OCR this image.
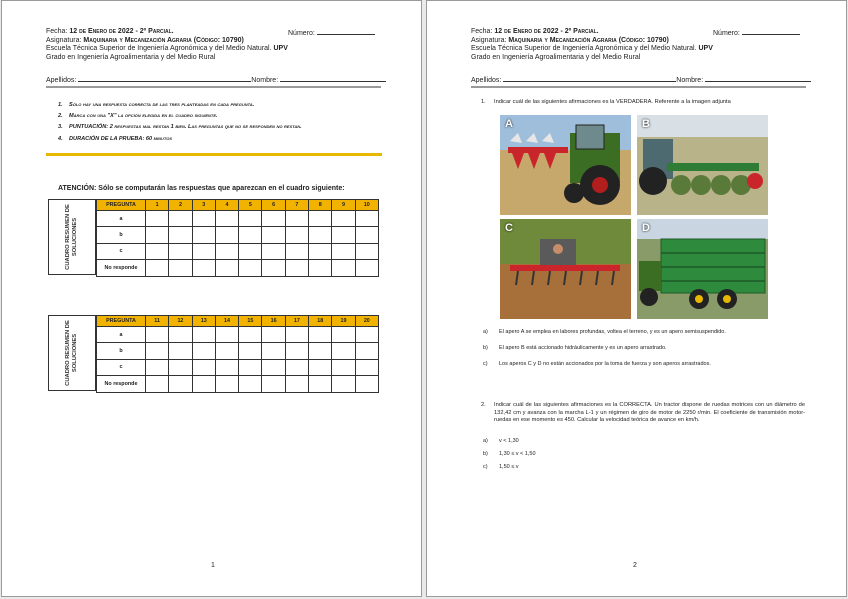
Fecha: 12 de Enero de 2022 - 2º Parcial.	Número:
Asignatura: Maquinaria y Mecanización Agraria (Código: 10790)
Escuela Técnica Superior de Ingeniería Agronómica y del Medio Natural. UPV
Grado en Ingeniería Agroalimentaria y del Medio Rural
Apellidos:	Nombre:
1. Sólo hay una respuesta correcta de las tres planteadas en cada pregunta.
2. Marca con una "X" la opción elegida en el cuadro siguiente.
3. PUNTUACIÓN: 2 respuestas mal restan 1 bien. Las preguntas que no se responden no restan.
4. DURACIÓN DE LA PRUEBA: 60 minutos
ATENCIÓN: Sólo se computarán las respuestas que aparezcan en el cuadro siguiente:
CUADRO RESUMEN DE SOLUCIONES
PREGUNTA	1	2	3	4	5	6	7	8	9	10
a										
b										
c										
No responde										
CUADRO RESUMEN DE SOLUCIONES
PREGUNTA	11	12	13	14	15	16	17	18	19	20
a										
b										
c										
No responde										
1
Fecha: 12 de Enero de 2022 - 2º Parcial.	Número:
Asignatura: Maquinaria y Mecanización Agraria (Código: 10790)
Escuela Técnica Superior de Ingeniería Agronómica y del Medio Natural. UPV
Grado en Ingeniería Agroalimentaria y del Medio Rural
Apellidos:	Nombre:
1.	Indicar cuál de las siguientes afirmaciones es la VERDADERA. Referente a la imagen adjunta
A	B
C	D
a) El apero A se emplea en labores profundas, voltea el terreno, y es un apero semisuspendido.
b) El apero B está accionado hidráulicamente y es un apero arrastrado.
c) Los aperos C y D no están accionados por la toma de fuerza y son aperos arrastrados.
2.	Indicar cuál de las siguientes afirmaciones es la CORRECTA. Un tractor dispone de ruedas motrices con un diámetro de 132,42 cm y avanza con la marcha L-1 y un régimen de giro de motor de 2250 r/min. El coeficiente de transmisión motor-ruedas en ese momento es 450. Calcular la velocidad teórica de avance en km/h.
a) v < 1,30
b) 1,30 ≤ v < 1,50
c) 1,50 ≤ v
2
